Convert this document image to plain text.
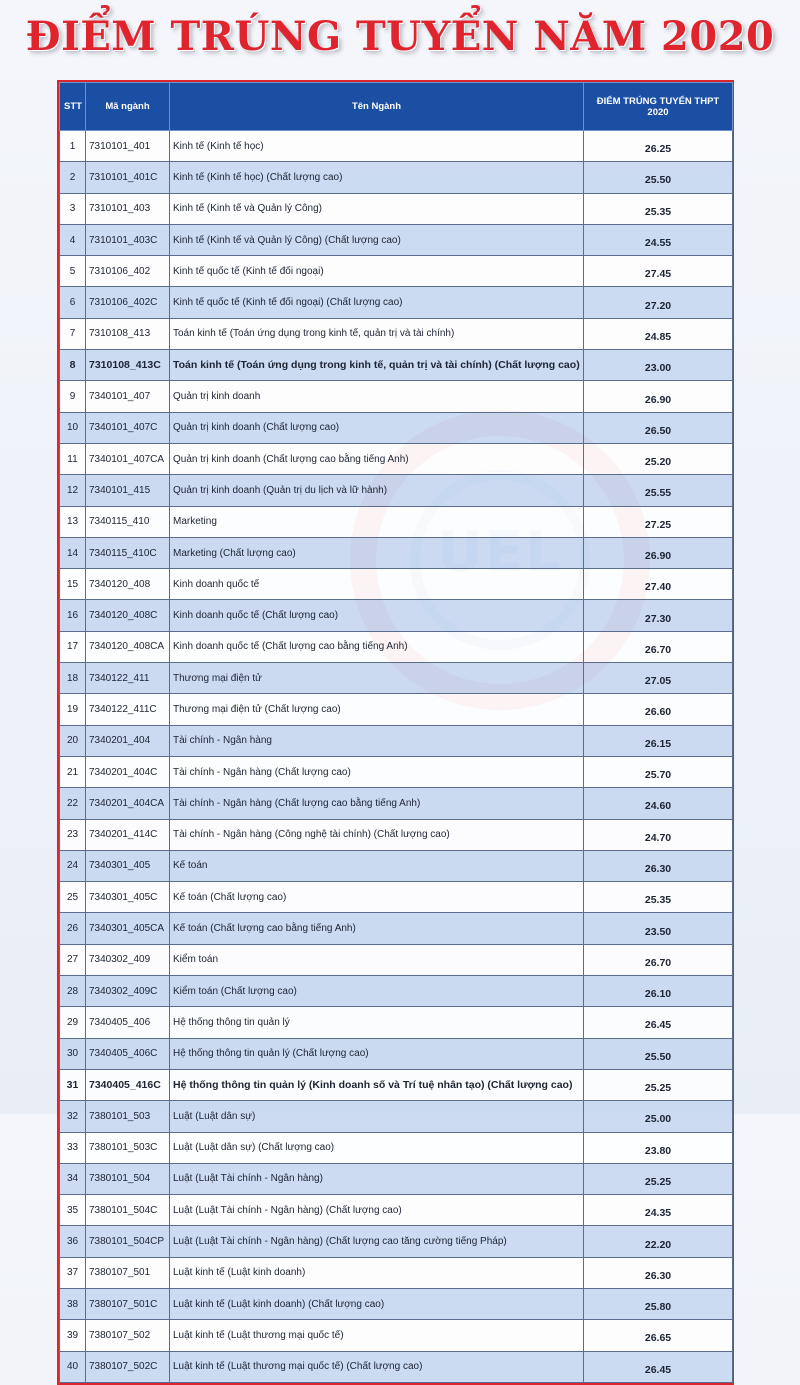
ĐIỂM TRÚNG TUYỂN NĂM 2020
UEL
STT	Mã ngành	Tên Ngành	ĐIỂM TRÚNG TUYỂN THPT 2020
1	7310101_401	Kinh tế (Kinh tế học)	26.25
2	7310101_401C	Kinh tế (Kinh tế học) (Chất lượng cao)	25.50
3	7310101_403	Kinh tế (Kinh tế và Quản lý Công)	25.35
4	7310101_403C	Kinh tế (Kinh tế và Quản lý Công) (Chất lượng cao)	24.55
5	7310106_402	Kinh tế quốc tế (Kinh tế đối ngoại)	27.45
6	7310106_402C	Kinh tế quốc tế (Kinh tế đối ngoại) (Chất lượng cao)	27.20
7	7310108_413	Toán kinh tế (Toán ứng dụng trong kinh tế, quản trị và tài chính)	24.85
8	7310108_413C	Toán kinh tế (Toán ứng dụng trong kinh tế, quản trị và tài chính) (Chất lượng cao)	23.00
9	7340101_407	Quản trị kinh doanh	26.90
10	7340101_407C	Quản trị kinh doanh (Chất lượng cao)	26.50
11	7340101_407CA	Quản trị kinh doanh (Chất lượng cao bằng tiếng Anh)	25.20
12	7340101_415	Quản trị kinh doanh (Quản trị du lịch và lữ hành)	25.55
13	7340115_410	Marketing	27.25
14	7340115_410C	Marketing (Chất lượng cao)	26.90
15	7340120_408	Kinh doanh quốc tế	27.40
16	7340120_408C	Kinh doanh quốc tế (Chất lượng cao)	27.30
17	7340120_408CA	Kinh doanh quốc tế (Chất lượng cao bằng tiếng Anh)	26.70
18	7340122_411	Thương mại điện tử	27.05
19	7340122_411C	Thương mại điện tử (Chất lượng cao)	26.60
20	7340201_404	Tài chính - Ngân hàng	26.15
21	7340201_404C	Tài chính - Ngân hàng (Chất lượng cao)	25.70
22	7340201_404CA	Tài chính - Ngân hàng (Chất lượng cao bằng tiếng Anh)	24.60
23	7340201_414C	Tài chính - Ngân hàng (Công nghệ tài chính) (Chất lượng cao)	24.70
24	7340301_405	Kế toán	26.30
25	7340301_405C	Kế toán (Chất lượng cao)	25.35
26	7340301_405CA	Kế toán (Chất lượng cao bằng tiếng Anh)	23.50
27	7340302_409	Kiểm toán	26.70
28	7340302_409C	Kiểm toán (Chất lượng cao)	26.10
29	7340405_406	Hệ thống thông tin quản lý	26.45
30	7340405_406C	Hệ thống thông tin quản lý (Chất lượng cao)	25.50
31	7340405_416C	Hệ thống thông tin quản lý (Kinh doanh số và Trí tuệ nhân tạo) (Chất lượng cao)	25.25
32	7380101_503	Luật (Luật dân sự)	25.00
33	7380101_503C	Luật (Luật dân sự) (Chất lượng cao)	23.80
34	7380101_504	Luật (Luật Tài chính - Ngân hàng)	25.25
35	7380101_504C	Luật (Luật Tài chính - Ngân hàng) (Chất lượng cao)	24.35
36	7380101_504CP	Luật (Luật Tài chính - Ngân hàng) (Chất lượng cao tăng cường tiếng Pháp)	22.20
37	7380107_501	Luật kinh tế (Luật kinh doanh)	26.30
38	7380107_501C	Luật kinh tế (Luật kinh doanh) (Chất lượng cao)	25.80
39	7380107_502	Luật kinh tế (Luật thương mại quốc tế)	26.65
40	7380107_502C	Luật kinh tế (Luật thương mại quốc tế) (Chất lượng cao)	26.45
